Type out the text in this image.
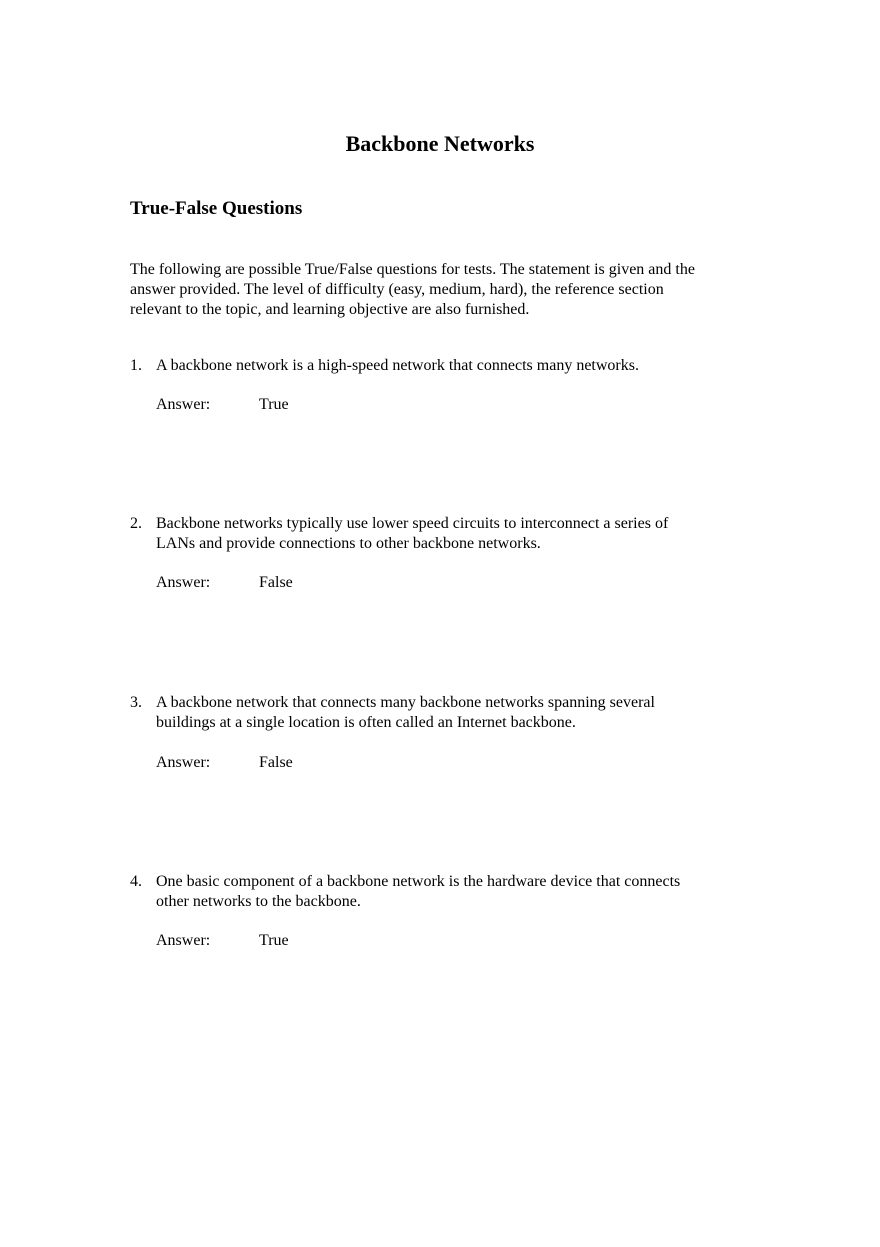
Backbone Networks
True-False Questions
The following are possible True/False questions for tests. The statement is given and the
answer provided. The level of difficulty (easy, medium, hard), the reference section
relevant to the topic, and learning objective are also furnished.
1. A backbone network is a high-speed network that connects many networks.
Answer:	True
2. Backbone networks typically use lower speed circuits to interconnect a series of
LANs and provide connections to other backbone networks.
Answer:	False
3. A backbone network that connects many backbone networks spanning several
buildings at a single location is often called an Internet backbone.
Answer:	False
4. One basic component of a backbone network is the hardware device that connects
other networks to the backbone.
Answer:	True
